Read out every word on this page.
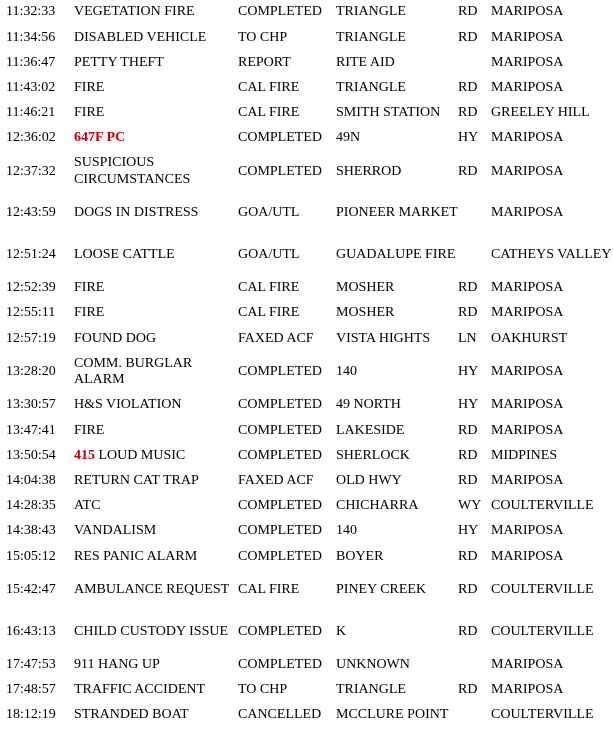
11:32:33	VEGETATION FIRE	COMPLETED	TRIANGLE	RD	MARIPOSA
11:34:56	DISABLED VEHICLE	TO CHP	TRIANGLE	RD	MARIPOSA
11:36:47	PETTY THEFT	REPORT	RITE AID		MARIPOSA
11:43:02	FIRE	CAL FIRE	TRIANGLE	RD	MARIPOSA
11:46:21	FIRE	CAL FIRE	SMITH STATION	RD	GREELEY HILL
12:36:02	647F PC	COMPLETED	49N	HY	MARIPOSA
12:37:32	SUSPICIOUS CIRCUMSTANCES	COMPLETED	SHERROD	RD	MARIPOSA
12:43:59	DOGS IN DISTRESS	GOA/UTL	PIONEER MARKET		MARIPOSA
12:51:24	LOOSE CATTLE	GOA/UTL	GUADALUPE FIRE		CATHEYS VALLEY
12:52:39	FIRE	CAL FIRE	MOSHER	RD	MARIPOSA
12:55:11	FIRE	CAL FIRE	MOSHER	RD	MARIPOSA
12:57:19	FOUND DOG	FAXED ACF	VISTA HIGHTS	LN	OAKHURST
13:28:20	COMM. BURGLAR ALARM	COMPLETED	140	HY	MARIPOSA
13:30:57	H&S VIOLATION	COMPLETED	49 NORTH	HY	MARIPOSA
13:47:41	FIRE	COMPLETED	LAKESIDE	RD	MARIPOSA
13:50:54	415 LOUD MUSIC	COMPLETED	SHERLOCK	RD	MIDPINES
14:04:38	RETURN CAT TRAP	FAXED ACF	OLD HWY	RD	MARIPOSA
14:28:35	ATC	COMPLETED	CHICHARRA	WY	COULTERVILLE
14:38:43	VANDALISM	COMPLETED	140	HY	MARIPOSA
15:05:12	RES PANIC ALARM	COMPLETED	BOYER	RD	MARIPOSA
15:42:47	AMBULANCE REQUEST	CAL FIRE	PINEY CREEK	RD	COULTERVILLE
16:43:13	CHILD CUSTODY ISSUE	COMPLETED	K	RD	COULTERVILLE
17:47:53	911 HANG UP	COMPLETED	UNKNOWN		MARIPOSA
17:48:57	TRAFFIC ACCIDENT	TO CHP	TRIANGLE	RD	MARIPOSA
18:12:19	STRANDED BOAT	CANCELLED	MCCLURE POINT		COULTERVILLE
